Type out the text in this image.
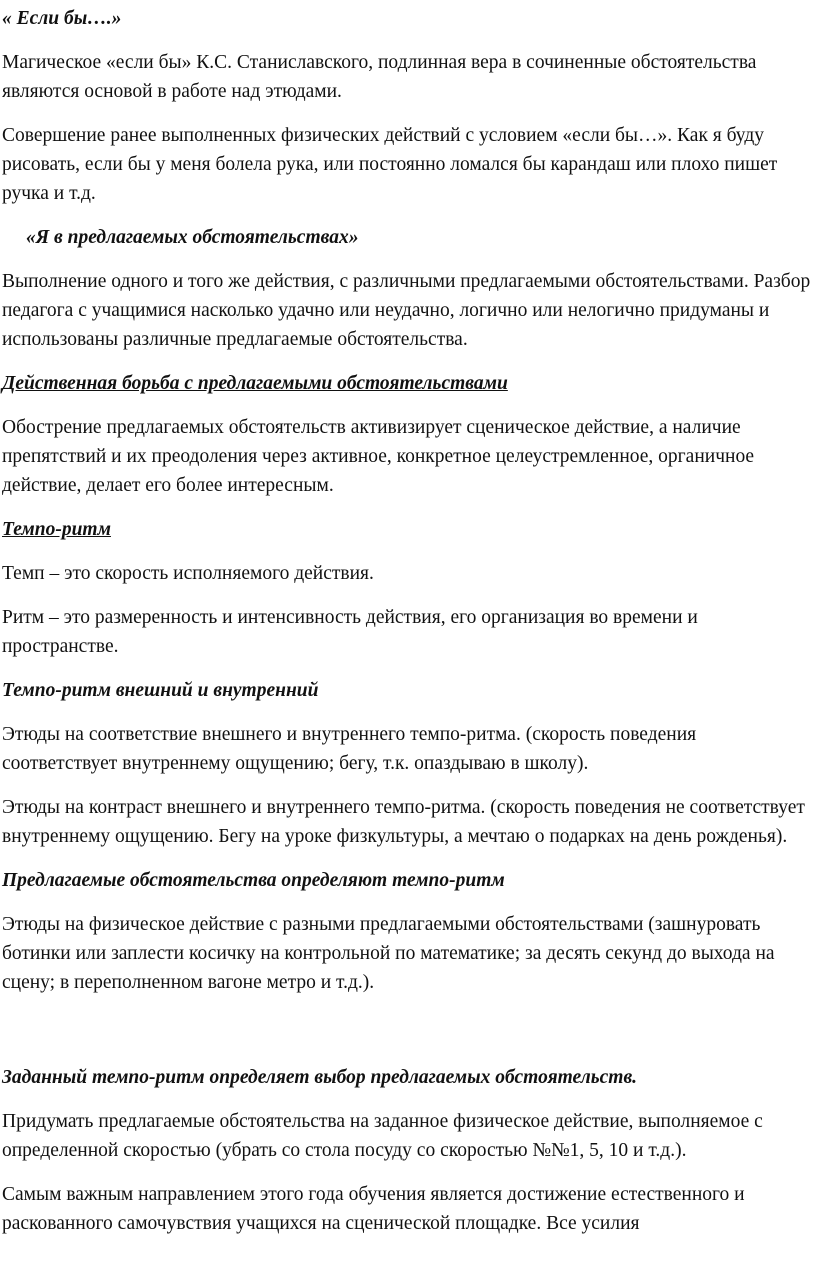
« Если бы….»

Магическое «если бы» К.С. Станиславского, подлинная вера в сочиненные обстоятельства являются основой в работе над этюдами.

Совершение ранее выполненных физических действий с условием «если бы…». Как я буду рисовать, если бы у меня болела рука, или постоянно ломался бы карандаш или плохо пишет ручка и т.д.

«Я в предлагаемых обстоятельствах»

Выполнение одного и того же действия, с различными предлагаемыми обстоятельствами. Разбор педагога с учащимися насколько удачно или неудачно, логично или нелогично придуманы и использованы различные предлагаемые обстоятельства.

Действенная борьба с предлагаемыми обстоятельствами

Обострение предлагаемых обстоятельств активизирует сценическое действие, а наличие препятствий и их преодоления через активное, конкретное целеустремленное, органичное действие, делает его более интересным.

Темпо-ритм

Темп – это скорость исполняемого действия.

Ритм – это размеренность и интенсивность действия, его организация во времени и пространстве.

Темпо-ритм внешний и внутренний

Этюды на соответствие внешнего и внутреннего темпо-ритма. (скорость поведения соответствует внутреннему ощущению; бегу, т.к. опаздываю в школу).

Этюды на контраст внешнего и внутреннего темпо-ритма. (скорость поведения не соответствует внутреннему ощущению. Бегу на уроке физкультуры, а мечтаю о подарках на день рожденья).

Предлагаемые обстоятельства определяют темпо-ритм

Этюды на физическое действие с разными предлагаемыми обстоятельствами (зашнуровать ботинки или заплести косичку на контрольной по математике; за десять секунд до выхода на сцену; в переполненном вагоне метро и т.д.).

Заданный темпо-ритм определяет выбор предлагаемых обстоятельств.

Придумать предлагаемые обстоятельства на заданное физическое действие, выполняемое с определенной скоростью (убрать со стола посуду со скоростью №№1, 5, 10 и т.д.).

Самым важным направлением этого года обучения является достижение естественного и раскованного самочувствия учащихся на сценической площадке. Все усилия
